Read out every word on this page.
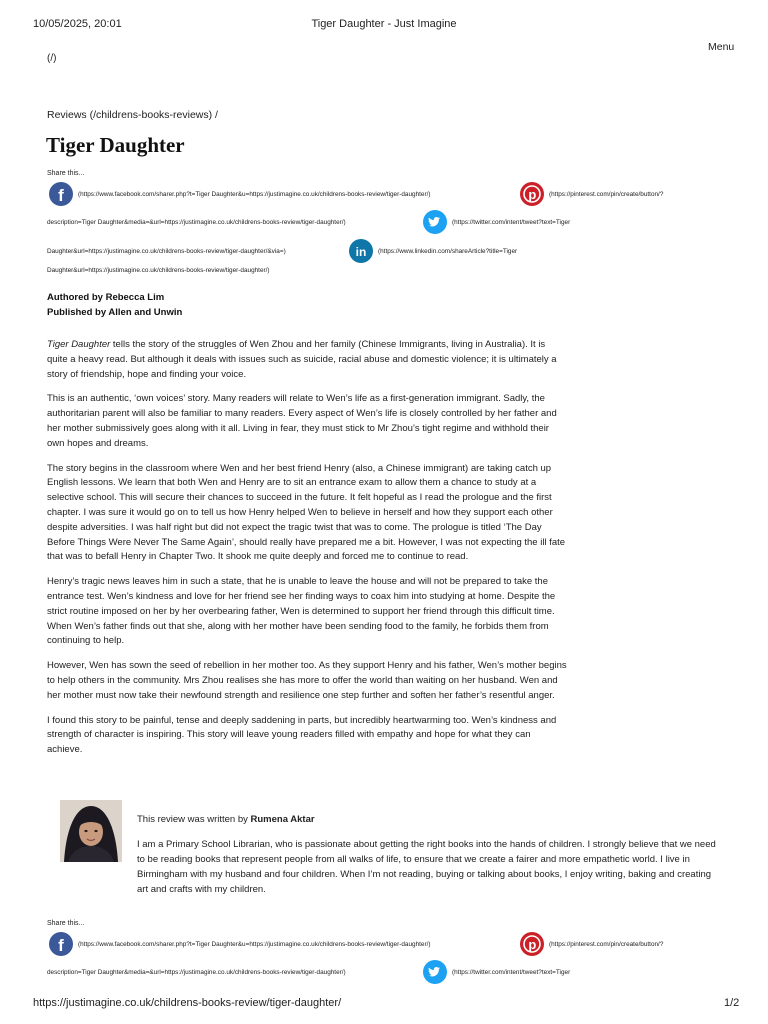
10/05/2025, 20:01	Tiger Daughter - Just Imagine
Menu
(/)
Reviews (/childrens-books-reviews) /
Tiger Daughter
Share this...
f (https://www.facebook.com/sharer.php?t=Tiger Daughter&u=https://justimagine.co.uk/childrens-books-review/tiger-daughter/)	p (https://pinterest.com/pin/create/button/?
description=Tiger Daughter&media=&url=https://justimagine.co.uk/childrens-books-review/tiger-daughter/)	(https://twitter.com/intent/tweet?text=Tiger
Daughter&url=https://justimagine.co.uk/childrens-books-review/tiger-daughter/&via=)	in (https://www.linkedin.com/shareArticle?title=Tiger
Daughter&url=https://justimagine.co.uk/childrens-books-review/tiger-daughter/)
Authored by Rebecca Lim
Published by Allen and Unwin

Tiger Daughter tells the story of the struggles of Wen Zhou and her family (Chinese Immigrants, living in Australia). It is quite a heavy read. But although it deals with issues such as suicide, racial abuse and domestic violence; it is ultimately a story of friendship, hope and finding your voice.

This is an authentic, ‘own voices’ story. Many readers will relate to Wen’s life as a first-generation immigrant. Sadly, the authoritarian parent will also be familiar to many readers. Every aspect of Wen’s life is closely controlled by her father and her mother submissively goes along with it all. Living in fear, they must stick to Mr Zhou’s tight regime and withhold their own hopes and dreams.

The story begins in the classroom where Wen and her best friend Henry (also, a Chinese immigrant) are taking catch up English lessons. We learn that both Wen and Henry are to sit an entrance exam to allow them a chance to study at a selective school. This will secure their chances to succeed in the future. It felt hopeful as I read the prologue and the first chapter. I was sure it would go on to tell us how Henry helped Wen to believe in herself and how they support each other despite adversities. I was half right but did not expect the tragic twist that was to come. The prologue is titled ‘The Day Before Things Were Never The Same Again’, should really have prepared me a bit. However, I was not expecting the ill fate that was to befall Henry in Chapter Two. It shook me quite deeply and forced me to continue to read.

Henry’s tragic news leaves him in such a state, that he is unable to leave the house and will not be prepared to take the entrance test. Wen’s kindness and love for her friend see her finding ways to coax him into studying at home. Despite the strict routine imposed on her by her overbearing father, Wen is determined to support her friend through this difficult time. When Wen’s father finds out that she, along with her mother have been sending food to the family, he forbids them from continuing to help.

However, Wen has sown the seed of rebellion in her mother too. As they support Henry and his father, Wen’s mother begins to help others in the community. Mrs Zhou realises she has more to offer the world than waiting on her husband. Wen and her mother must now take their newfound strength and resilience one step further and soften her father’s resentful anger.

I found this story to be painful, tense and deeply saddening in parts, but incredibly heartwarming too. Wen’s kindness and strength of character is inspiring. This story will leave young readers filled with empathy and hope for what they can achieve.

This review was written by Rumena Aktar

I am a Primary School Librarian, who is passionate about getting the right books into the hands of children. I strongly believe that we need to be reading books that represent people from all walks of life, to ensure that we create a fairer and more empathetic world. I live in Birmingham with my husband and four children. When I’m not reading, buying or talking about books, I enjoy writing, baking and creating art and crafts with my children.

Share this...
f (https://www.facebook.com/sharer.php?t=Tiger Daughter&u=https://justimagine.co.uk/childrens-books-review/tiger-daughter/)	p (https://pinterest.com/pin/create/button/?
description=Tiger Daughter&media=&url=https://justimagine.co.uk/childrens-books-review/tiger-daughter/)	(https://twitter.com/intent/tweet?text=Tiger
https://justimagine.co.uk/childrens-books-review/tiger-daughter/	1/2
